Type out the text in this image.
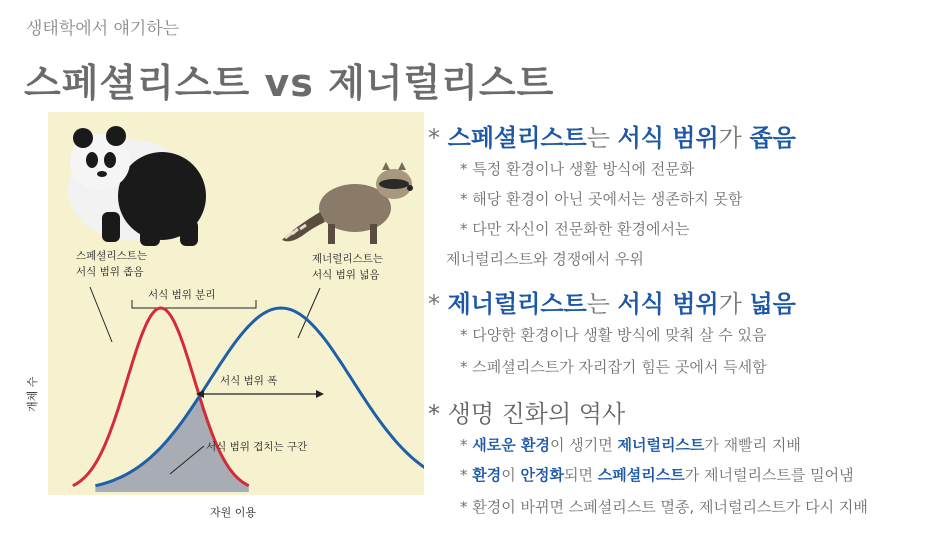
생태학에서 얘기하는
스페셜리스트 vs 제너럴리스트
스페셜리스트는
서식 범위 좁음
제너럴리스트는
서식 범위 넓음
서식 범위 분리
서식 범위 폭
서식 범위 겹치는 구간
자원 이용
개체 수
* 스페셜리스트는 서식 범위가 좁음
* 특정 환경이나 생활 방식에 전문화
* 해당 환경이 아닌 곳에서는 생존하지 못함
* 다만 자신이 전문화한 환경에서는
제너럴리스트와 경쟁에서 우위
* 제너럴리스트는 서식 범위가 넓음
* 다양한 환경이나 생활 방식에 맞춰 살 수 있음
* 스페셜리스트가 자리잡기 힘든 곳에서 득세함
* 생명 진화의 역사
* 새로운 환경이 생기면 제너럴리스트가 재빨리 지배
* 환경이 안정화되면 스페셜리스트가 제너럴리스트를 밀어냄
* 환경이 바뀌면 스페셜리스트 멸종, 제너럴리스트가 다시 지배
